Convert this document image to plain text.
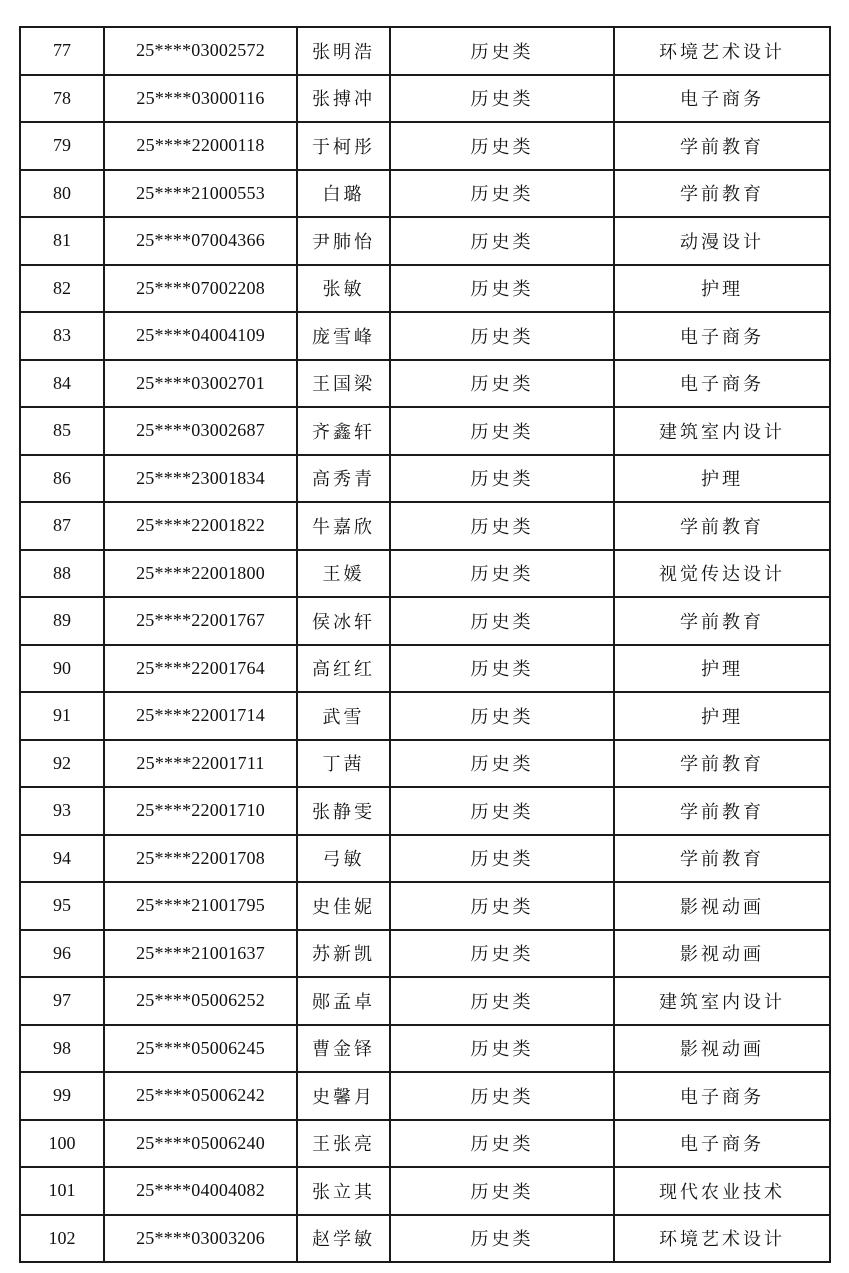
77	25****03002572	张明浩	历史类	环境艺术设计
78	25****03000116	张搏冲	历史类	电子商务
79	25****22000118	于柯彤	历史类	学前教育
80	25****21000553	白璐	历史类	学前教育
81	25****07004366	尹肺怡	历史类	动漫设计
82	25****07002208	张敏	历史类	护理
83	25****04004109	庞雪峰	历史类	电子商务
84	25****03002701	王国梁	历史类	电子商务
85	25****03002687	齐鑫轩	历史类	建筑室内设计
86	25****23001834	高秀青	历史类	护理
87	25****22001822	牛嘉欣	历史类	学前教育
88	25****22001800	王媛	历史类	视觉传达设计
89	25****22001767	侯冰轩	历史类	学前教育
90	25****22001764	高红红	历史类	护理
91	25****22001714	武雪	历史类	护理
92	25****22001711	丁茜	历史类	学前教育
93	25****22001710	张静雯	历史类	学前教育
94	25****22001708	弓敏	历史类	学前教育
95	25****21001795	史佳妮	历史类	影视动画
96	25****21001637	苏新凯	历史类	影视动画
97	25****05006252	郧孟卓	历史类	建筑室内设计
98	25****05006245	曹金铎	历史类	影视动画
99	25****05006242	史馨月	历史类	电子商务
100	25****05006240	王张亮	历史类	电子商务
101	25****04004082	张立其	历史类	现代农业技术
102	25****03003206	赵学敏	历史类	环境艺术设计
